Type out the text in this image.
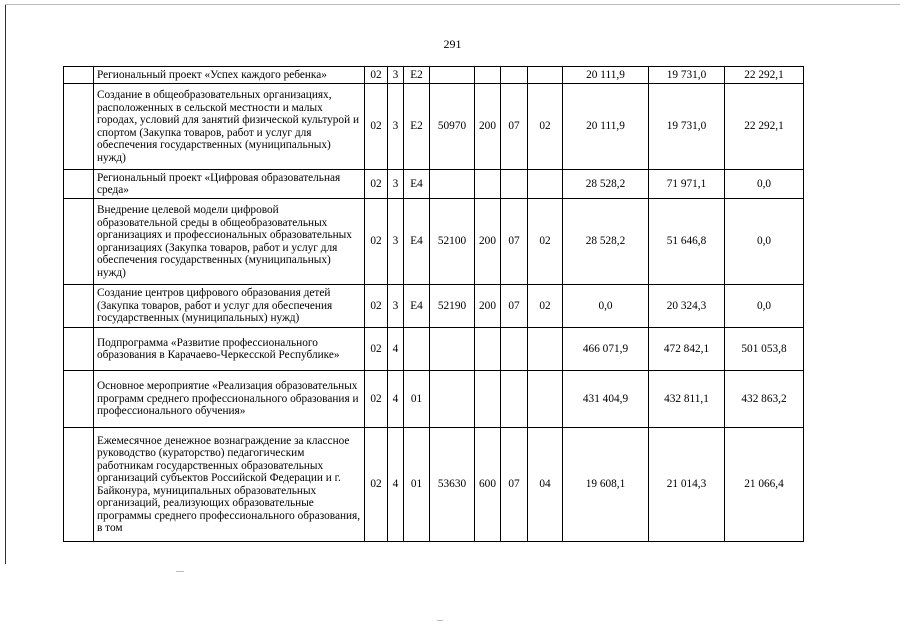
291
	Региональный проект «Успех каждого ребенка»	02	3	Е2					20 111,9	19 731,0	22 292,1
	Создание в общеобразовательных организациях, расположенных в сельской местности и малых городах, условий для занятий физической культурой и спортом (Закупка товаров, работ и услуг для обеспечения государственных (муниципальных) нужд)	02	3	Е2	50970	200	07	02	20 111,9	19 731,0	22 292,1
	Региональный проект «Цифровая образовательная среда»	02	3	Е4					28 528,2	71 971,1	0,0
	Внедрение целевой модели цифровой образовательной среды в общеобразовательных организациях и профессиональных образовательных организациях (Закупка товаров, работ и услуг для обеспечения государственных (муниципальных) нужд)	02	3	Е4	52100	200	07	02	28 528,2	51 646,8	0,0
	Создание центров цифрового образования детей (Закупка товаров, работ и услуг для обеспечения государственных (муниципальных) нужд)	02	3	Е4	52190	200	07	02	0,0	20 324,3	0,0
	Подпрограмма «Развитие профессионального образования в Карачаево-Черкесской Республике»	02	4						466 071,9	472 842,1	501 053,8
	Основное мероприятие «Реализация образовательных программ среднего профессионального образования и профессионального обучения»	02	4	01					431 404,9	432 811,1	432 863,2
	Ежемесячное денежное вознаграждение за классное руководство (кураторство) педагогическим работникам государственных образовательных организаций субъектов Российской Федерации и г. Байконура, муниципальных образовательных организаций, реализующих образовательные программы среднего профессионального образования, в том	02	4	01	53630	600	07	04	19 608,1	21 014,3	21 066,4
